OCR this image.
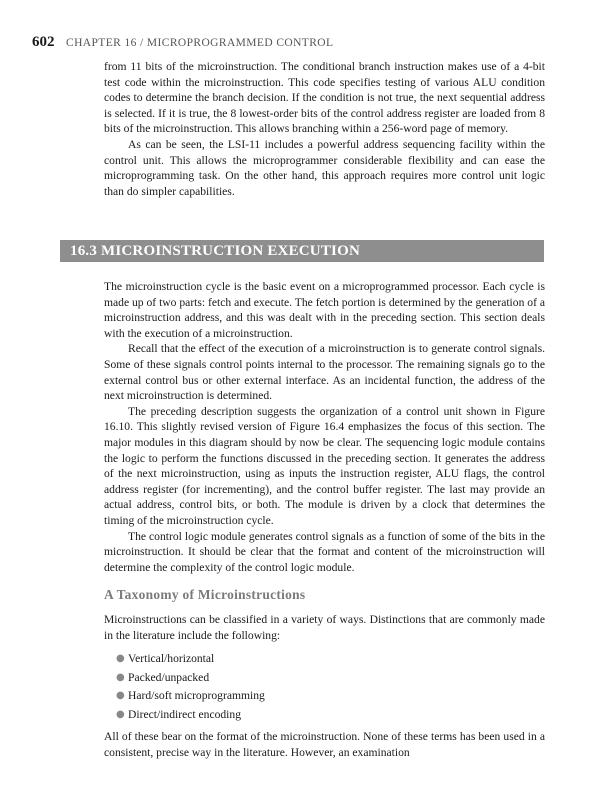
602 CHAPTER 16 / MICROPROGRAMMED CONTROL

from 11 bits of the microinstruction. The conditional branch instruction makes use of a 4-bit test code within the microinstruction. This code specifies testing of various ALU condition codes to determine the branch decision. If the condition is not true, the next sequential address is selected. If it is true, the 8 lowest-order bits of the control address register are loaded from 8 bits of the microinstruction. This allows branching within a 256-word page of memory.

As can be seen, the LSI-11 includes a powerful address sequencing facility within the control unit. This allows the microprogrammer considerable flexibility and can ease the microprogramming task. On the other hand, this approach requires more control unit logic than do simpler capabilities.

16.3 MICROINSTRUCTION EXECUTION

The microinstruction cycle is the basic event on a microprogrammed processor. Each cycle is made up of two parts: fetch and execute. The fetch portion is determined by the generation of a microinstruction address, and this was dealt with in the preceding section. This section deals with the execution of a microinstruction.

Recall that the effect of the execution of a microinstruction is to generate control signals. Some of these signals control points internal to the processor. The remaining signals go to the external control bus or other external interface. As an incidental function, the address of the next microinstruction is determined.

The preceding description suggests the organization of a control unit shown in Figure 16.10. This slightly revised version of Figure 16.4 emphasizes the focus of this section. The major modules in this diagram should by now be clear. The sequencing logic module contains the logic to perform the functions discussed in the preceding section. It generates the address of the next microinstruction, using as inputs the instruction register, ALU flags, the control address register (for incrementing), and the control buffer register. The last may provide an actual address, control bits, or both. The module is driven by a clock that determines the timing of the microinstruction cycle.

The control logic module generates control signals as a function of some of the bits in the microinstruction. It should be clear that the format and content of the microinstruction will determine the complexity of the control logic module.

A Taxonomy of Microinstructions

Microinstructions can be classified in a variety of ways. Distinctions that are commonly made in the literature include the following:

● Vertical/horizontal
● Packed/unpacked
● Hard/soft microprogramming
● Direct/indirect encoding

All of these bear on the format of the microinstruction. None of these terms has been used in a consistent, precise way in the literature. However, an examination
